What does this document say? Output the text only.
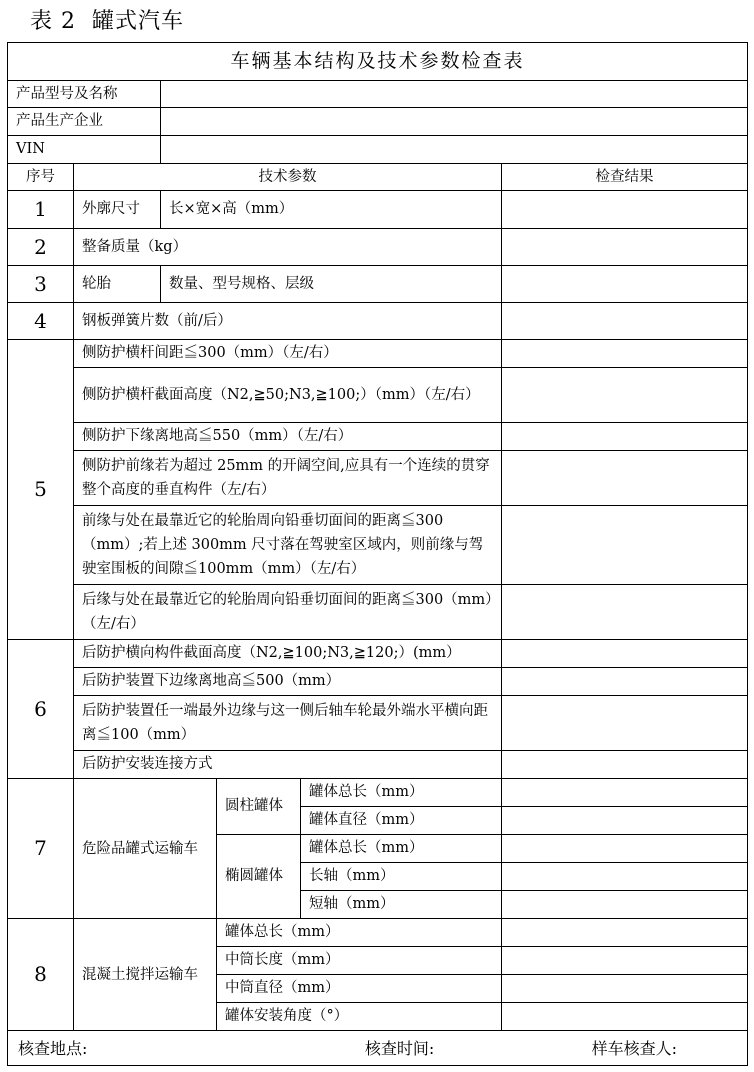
表 2 罐式汽车
车辆基本结构及技术参数检查表					
产品型号及名称					
产品生产企业					
VIN					
序号	技术参数				检查结果
1	外廓尺寸	长×宽×高（mm）			
2	整备质量（kg）				
3	轮胎	数量、型号规格、层级			
4	钢板弹簧片数（前/后）				
5	侧防护横杆间距≦300（mm）（左/右）				
	侧防护横杆截面高度（N2,≧50;N3,≧100;）（mm）（左/右）				
	侧防护下缘离地高≦550（mm）（左/右）				
	侧防护前缘若为超过 25mm 的开阔空间,应具有一个连续的贯穿整个高度的垂直构件（左/右）				
	前缘与处在最靠近它的轮胎周向铅垂切面间的距离≦300（mm）;若上述 300mm 尺寸落在驾驶室区域内，则前缘与驾驶室围板的间隙≦100mm（mm）（左/右）				
	后缘与处在最靠近它的轮胎周向铅垂切面间的距离≦300（mm）（左/右）				
6	后防护横向构件截面高度（N2,≧100;N3,≧120;）(mm）				
	后防护装置下边缘离地高≦500（mm）				
	后防护装置任一端最外边缘与这一侧后轴车轮最外端水平横向距离≦100（mm）				
	后防护安装连接方式				
7	危险品罐式运输车		圆柱罐体	罐体总长（mm）	
				罐体直径（mm）	
			椭圆罐体	罐体总长（mm）	
				长轴（mm）	
				短轴（mm）	
8	混凝土搅拌运输车		罐体总长（mm）		
			中筒长度（mm）		
			中筒直径（mm）		
			罐体安装角度（°）		

核查地点: 核查时间: 样车核查人:					
